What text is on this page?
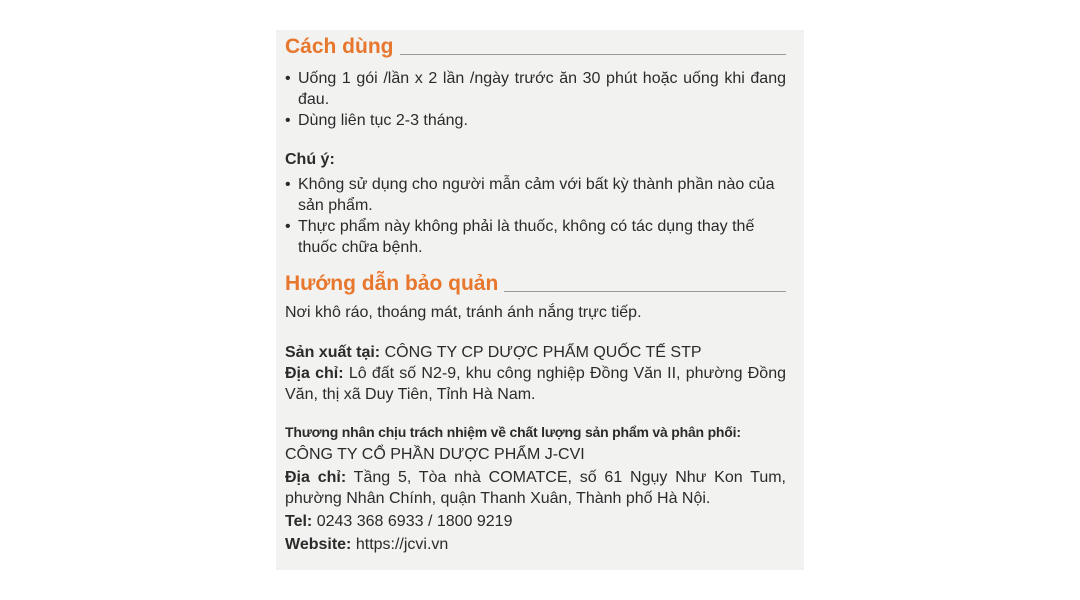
Cách dùng
• Uống 1 gói /lần x 2 lần /ngày trước ăn 30 phút hoặc uống khi đang đau.
• Dùng liên tục 2-3 tháng.
Chú ý:
• Không sử dụng cho người mẫn cảm với bất kỳ thành phần nào của sản phẩm.
• Thực phẩm này không phải là thuốc, không có tác dụng thay thế thuốc chữa bệnh.
Hướng dẫn bảo quản
Nơi khô ráo, thoáng mát, tránh ánh nắng trực tiếp.
Sản xuất tại: CÔNG TY CP DƯỢC PHẨM QUỐC TẾ STP
Địa chỉ: Lô đất số N2-9, khu công nghiệp Đồng Văn II, phường Đồng Văn, thị xã Duy Tiên, Tỉnh Hà Nam.
Thương nhân chịu trách nhiệm về chất lượng sản phẩm và phân phối:
CÔNG TY CỔ PHẦN DƯỢC PHẨM J-CVI
Địa chỉ: Tầng 5, Tòa nhà COMATCE, số 61 Ngụy Như Kon Tum, phường Nhân Chính, quận Thanh Xuân, Thành phố Hà Nội.
Tel: 0243 368 6933 / 1800 9219
Website: https://jcvi.vn
